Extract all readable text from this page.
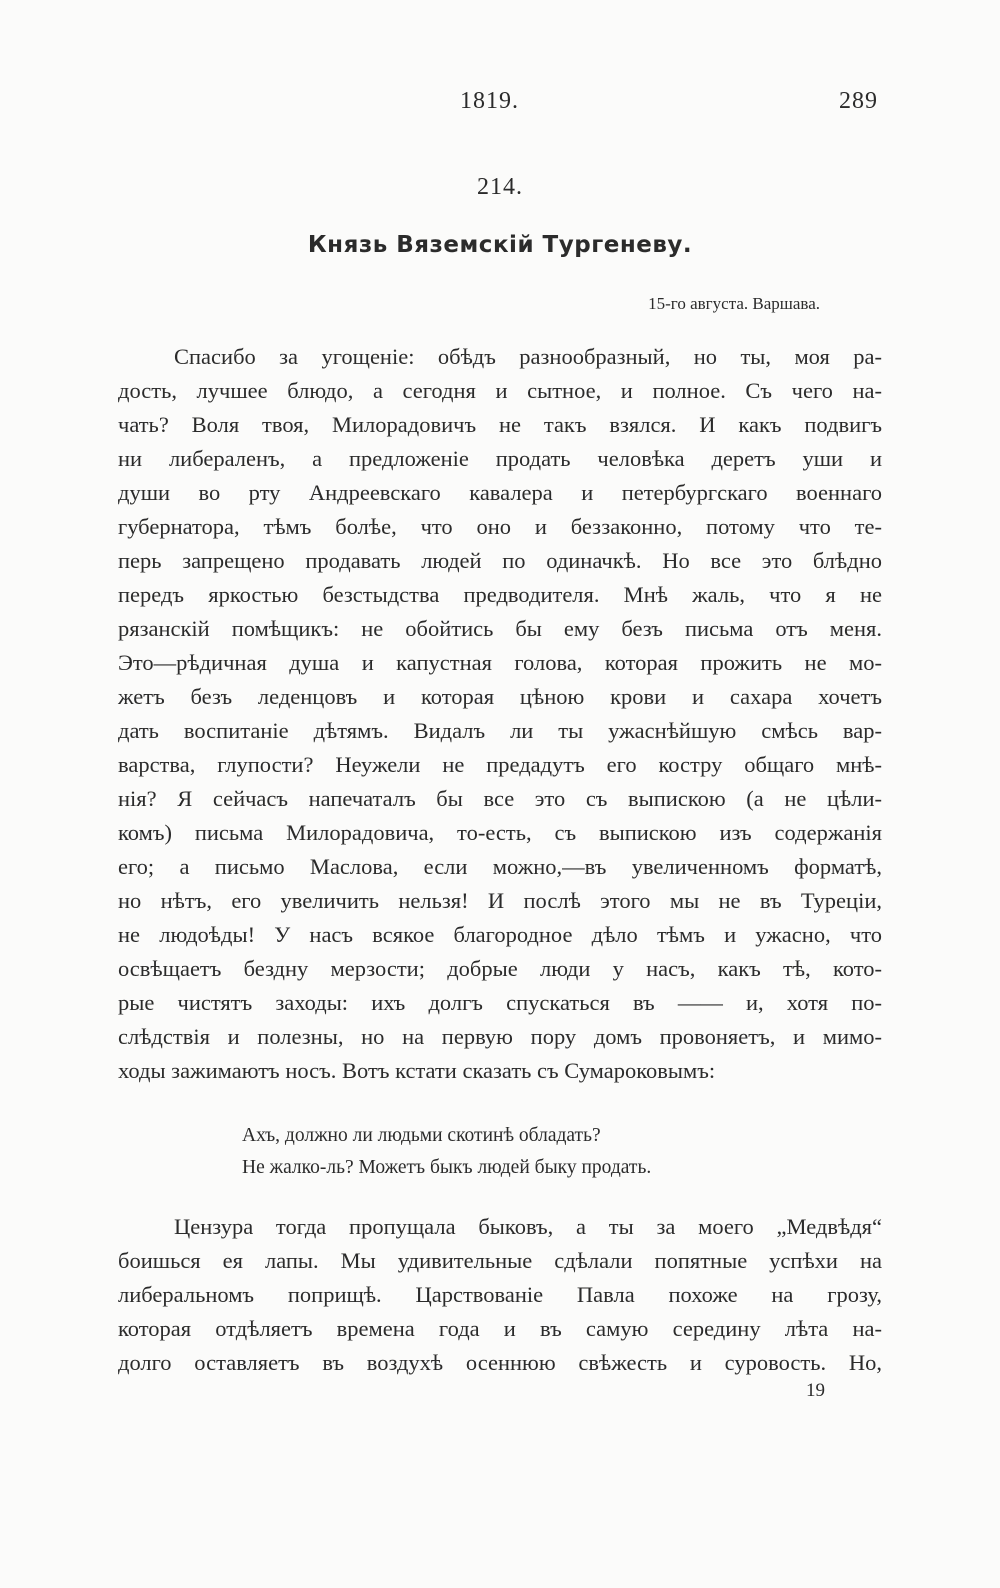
1819.	289
214.
Князь Вяземскій Тургеневу.
15-го августа. Варшава.
Спасибо за угощеніе: обѣдъ разнообразный, но ты, моя ра-
дость, лучшее блюдо, а сегодня и сытное, и полное. Съ чего на-
чать? Воля твоя, Милорадовичъ не такъ взялся. И какъ подвигъ
ни либераленъ, а предложеніе продать человѣка деретъ уши и
души во рту Андреевскаго кавалера и петербургскаго военнаго
губернатора, тѣмъ болѣе, что оно и беззаконно, потому что те-
перь запрещено продавать людей по одиначкѣ. Но все это блѣдно
передъ яркостью безстыдства предводителя. Мнѣ жаль, что я не
рязанскій помѣщикъ: не обойтись бы ему безъ письма отъ меня.
Это—рѣдичная душа и капустная голова, которая прожить не мо-
жетъ безъ леденцовъ и которая цѣною крови и сахара хочетъ
дать воспитаніе дѣтямъ. Видалъ ли ты ужаснѣйшую смѣсь вар-
варства, глупости? Неужели не предадутъ его костру общаго мнѣ-
нія? Я сейчасъ напечаталъ бы все это съ выпискою (а не цѣли-
комъ) письма Милорадовича, то-есть, съ выпискою изъ содержанія
его; а письмо Маслова, если можно,—въ увеличенномъ форматѣ,
но нѣтъ, его увеличить нельзя! И послѣ этого мы не въ Туреціи,
не людоѣды! У насъ всякое благородное дѣло тѣмъ и ужасно, что
освѣщаетъ бездну мерзости; добрые люди у насъ, какъ тѣ, кото-
рые чистятъ заходы: ихъ долгъ спускаться въ —— и, хотя по-
слѣдствія и полезны, но на первую пору домъ провоняетъ, и мимо-
ходы зажимаютъ носъ. Вотъ кстати сказать съ Сумароковымъ:
Ахъ, должно ли людьми скотинѣ обладать?
Не жалко-ль? Можетъ быкъ людей быку продать.
Цензура тогда пропущала быковъ, а ты за моего „Медвѣдя“
боишься ея лапы. Мы удивительные сдѣлали попятные успѣхи на
либеральномъ поприщѣ. Царствованіе Павла похоже на грозу,
которая отдѣляетъ времена года и въ самую середину лѣта на-
долго оставляетъ въ воздухѣ осеннюю свѣжесть и суровость. Но,
19
